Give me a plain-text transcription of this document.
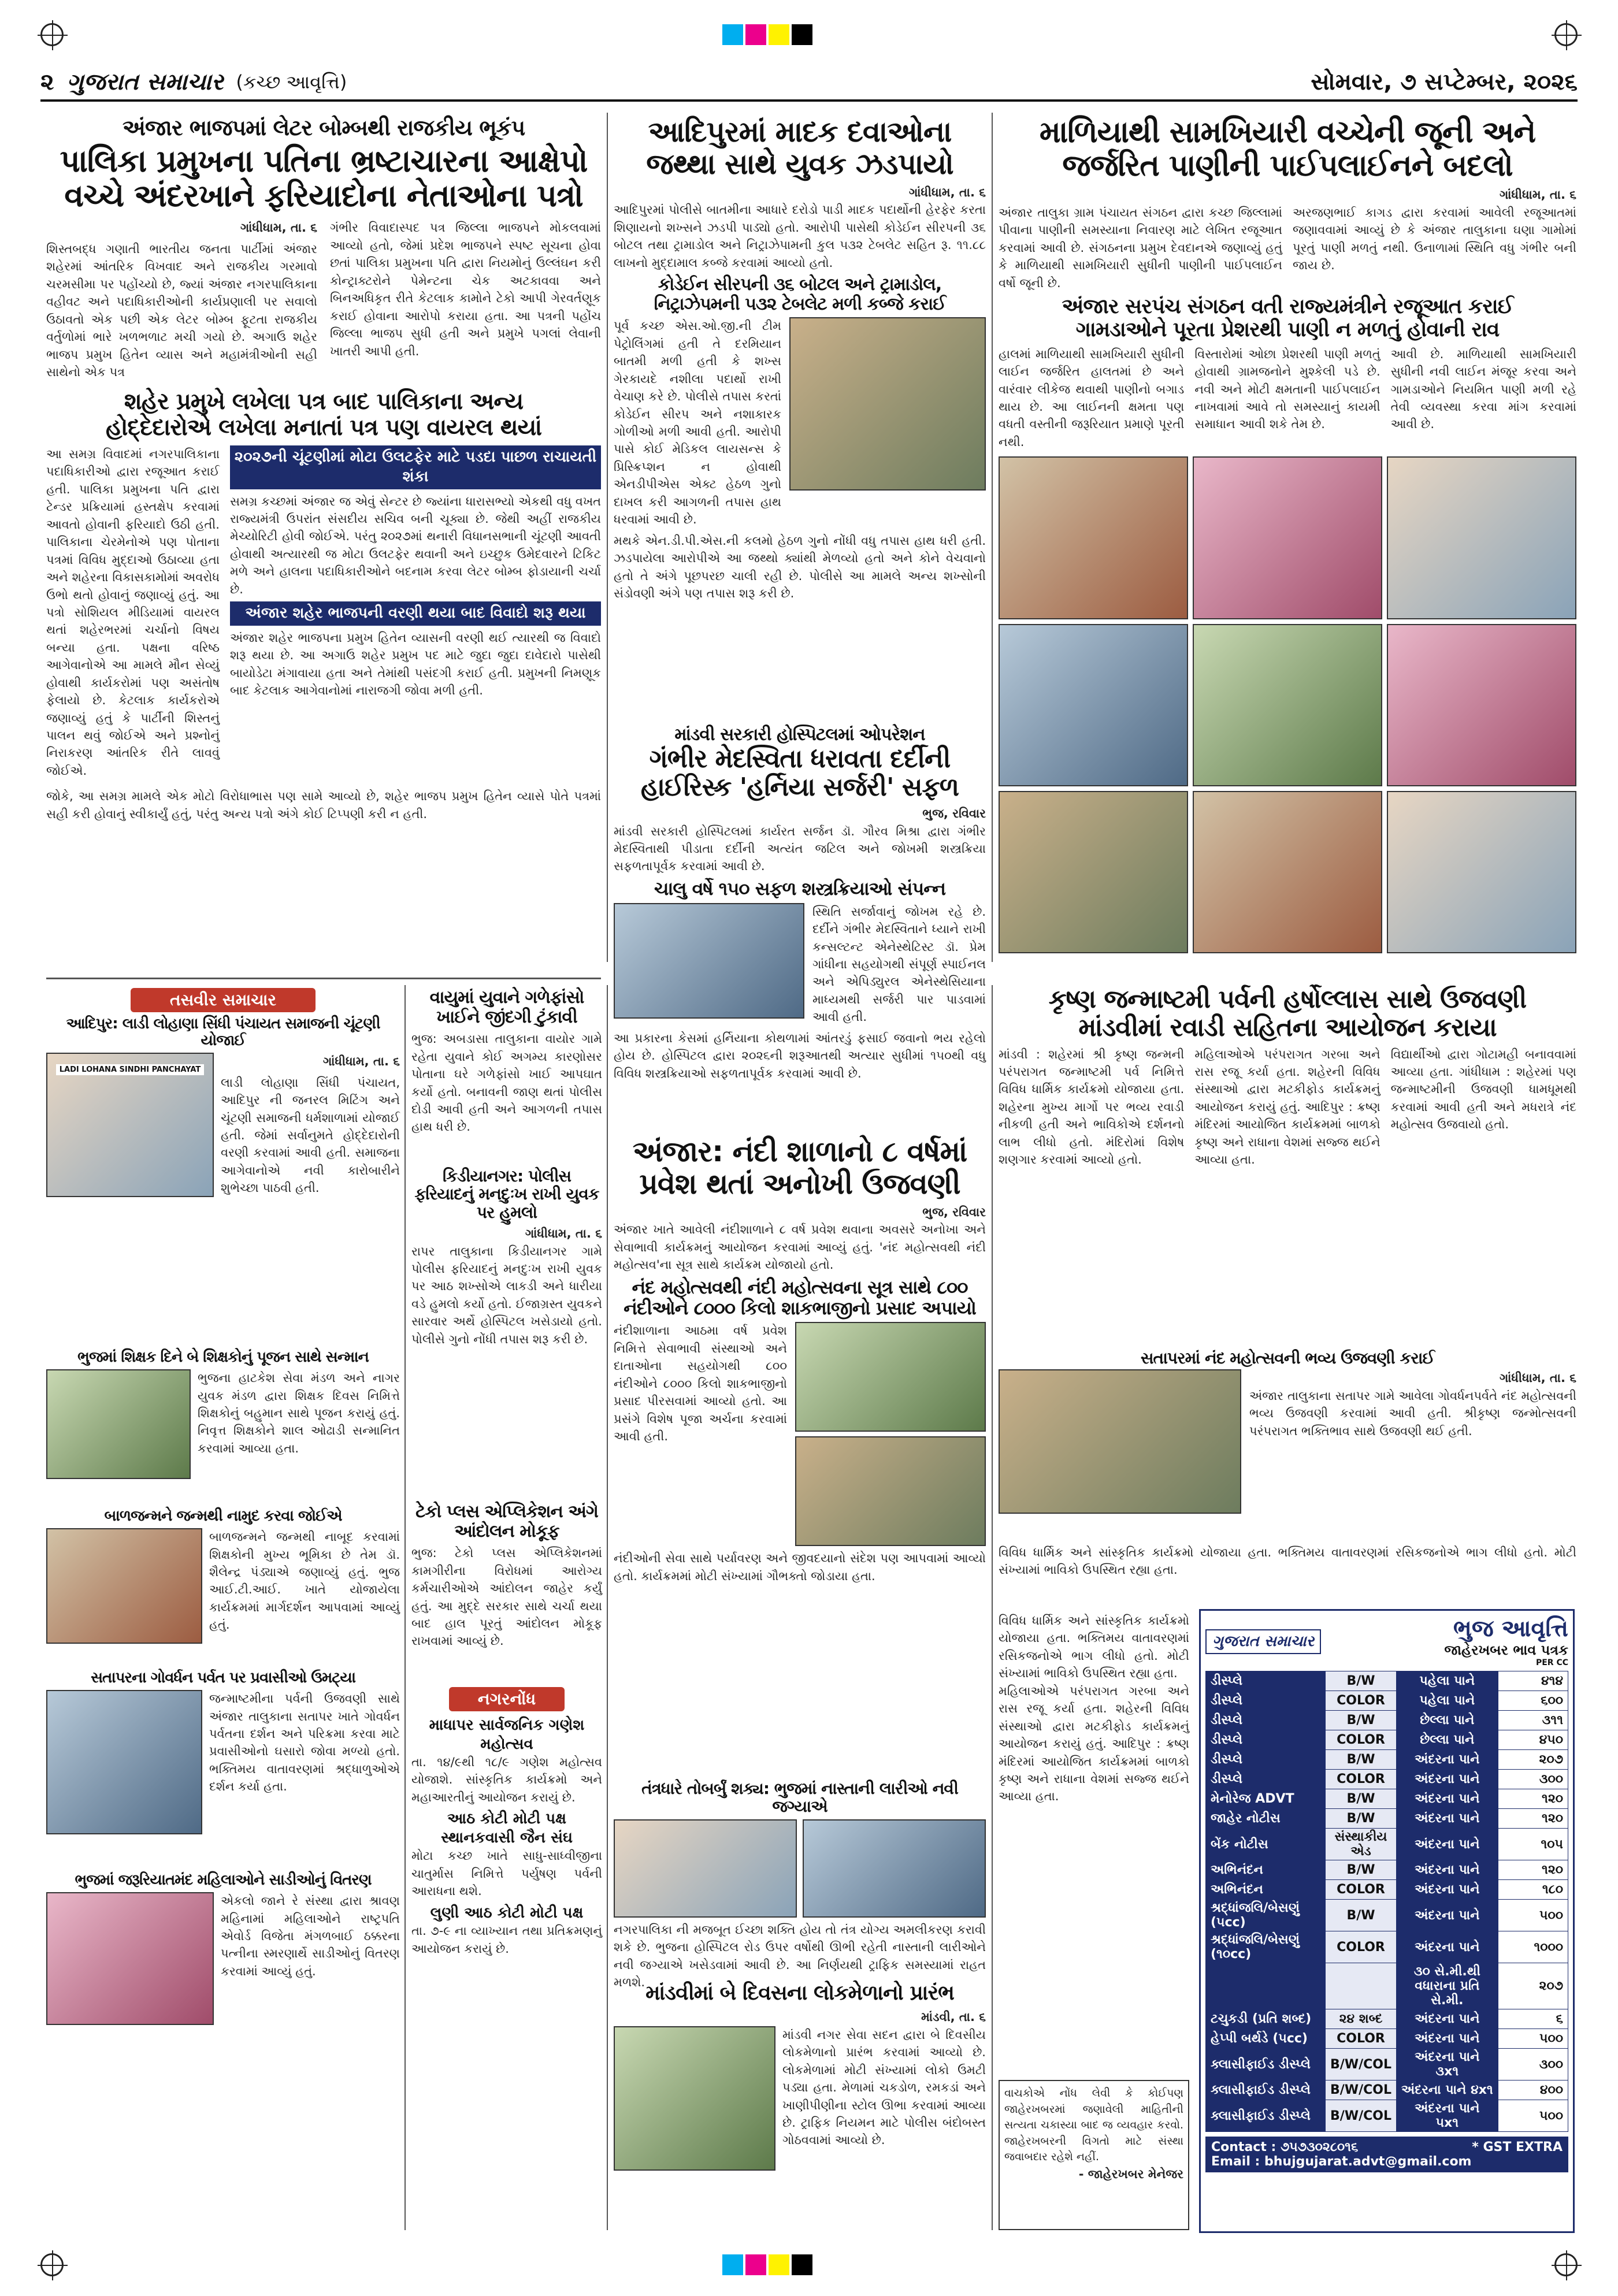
૨ ગુજરાત સમાચાર (કચ્છ આવૃત્તિ)	સોમવાર, ૭ સપ્ટેમ્બર, ૨૦૨૬
અંજાર ભાજપમાં લેટર બોમ્બથી રાજકીય ભૂકંપ
પાલિકા પ્રમુખના પતિના ભ્રષ્ટાચારના આક્ષેપો
વચ્ચે અંદરખાને ફરિયાદોના નેતાઓના પત્રો

ગાંધીધામ, તા. ૬

શિસ્તબદ્ધ ગણાતી ભારતીય જનતા પાર્ટીમાં અંજાર શહેરમાં આંતરિક વિખવાદ અને રાજકીય ગરમાવો ચરમસીમા પર પહોંચ્યો છે, જ્યાં અંજાર નગરપાલિકાના વહીવટ અને પદાધિકારીઓની કાર્યપ્રણાલી પર સવાલો ઉઠાવતો એક પછી એક લેટર બોમ્બ ફૂટતા રાજકીય વર્તુળોમાં ભારે ખળભળાટ મચી ગયો છે. અગાઉ શહેર ભાજપ પ્રમુખ હિતેન વ્યાસ અને મહામંત્રીઓની સહી સાથેનો એક પત્ર

ગંભીર વિવાદાસ્પદ પત્ર જિલ્લા ભાજપને મોકલવામાં આવ્યો હતો, જેમાં પ્રદેશ ભાજપને સ્પષ્ટ સૂચના હોવા છતાં પાલિકા પ્રમુખના પતિ દ્વારા નિયમોનું ઉલ્લંઘન કરી કોન્ટ્રાક્ટરોને પેમેન્ટના ચેક અટકાવવા અને બિનઅધિકૃત રીતે કેટલાક કામોને ટેકો આપી ગેરવર્તણૂક કરાઈ હોવાના આરોપો કરાયા હતા. આ પત્રની પહોંચ જિલ્લા ભાજપ સુધી હતી અને પ્રમુખે પગલાં લેવાની ખાતરી આપી હતી.

શહેર પ્રમુખે લખેલા પત્ર બાદ પાલિકાના અન્ય
હોદ્દેદારોએ લખેલા મનાતાં પત્ર પણ વાયરલ થયાં

આ સમગ્ર વિવાદમાં નગરપાલિકાના પદાધિકારીઓ દ્વારા રજૂઆત કરાઈ હતી. પાલિકા પ્રમુખના પતિ દ્વારા ટેન્ડર પ્રક્રિયામાં હસ્તક્ષેપ કરવામાં આવતો હોવાની ફરિયાદો ઉઠી હતી. પાલિકાના ચેરમેનોએ પણ પોતાના પત્રમાં વિવિધ મુદ્દાઓ ઉઠાવ્યા હતા અને શહેરના વિકાસકામોમાં અવરોધ ઉભો થતો હોવાનું જણાવ્યું હતું. આ પત્રો સોશિયલ મીડિયામાં વાયરલ થતાં શહેરભરમાં ચર્ચાનો વિષય બન્યા હતા. પક્ષના વરિષ્ઠ આગેવાનોએ આ મામલે મૌન સેવ્યું હોવાથી કાર્યકરોમાં પણ અસંતોષ ફેલાયો છે. કેટલાક કાર્યકરોએ જણાવ્યું હતું કે પાર્ટીની શિસ્તનું પાલન થવું જોઈએ અને પ્રશ્નોનું નિરાકરણ આંતરિક રીતે લાવવું જોઈએ.

૨૦૨૭ની ચૂંટણીમાં મોટા ઉલટફેર માટે પડદા પાછળ રાચાયતી શંકા
સમગ્ર કચ્છમાં અંજાર જ એવું સેન્ટર છે જ્યાંના ધારાસભ્યો એકથી વધુ વખત રાજ્યમંત્રી ઉપરાંત સંસદીય સચિવ બની ચૂક્યા છે. જેથી અહીં રાજકીય મેચ્યોરિટી હોવી જોઈએ. પરંતુ ૨૦૨૭માં થનારી વિધાનસભાની ચૂંટણી આવતી હોવાથી અત્યારથી જ મોટા ઉલટફેર થવાની અને ઇચ્છુક ઉમેદવારને ટિકિટ મળે અને હાલના પદાધિકારીઓને બદનામ કરવા લેટર બોમ્બ ફોડાયાની ચર્ચા છે.
અંજાર શહેર ભાજપની વરણી થયા બાદ વિવાદો શરૂ થયા
અંજાર શહેર ભાજપના પ્રમુખ હિતેન વ્યાસની વરણી થઈ ત્યારથી જ વિવાદો શરૂ થયા છે. આ અગાઉ શહેર પ્રમુખ પદ માટે જુદા જુદા દાવેદારો પાસેથી બાયોડેટા મંગાવાયા હતા અને તેમાંથી પસંદગી કરાઈ હતી. પ્રમુખની નિમણૂક બાદ કેટલાક આગેવાનોમાં નારાજગી જોવા મળી હતી.

જોકે, આ સમગ્ર મામલે એક મોટો વિરોધાભાસ પણ સામે આવ્યો છે, શહેર ભાજપ પ્રમુખ હિતેન વ્યાસે પોતે પત્રમાં સહી કરી હોવાનું સ્વીકાર્યું હતું, પરંતુ અન્ય પત્રો અંગે કોઈ ટિપ્પણી કરી ન હતી.

આદિપુરમાં માદક દવાઓના
જથ્થા સાથે યુવક ઝડપાયો

ગાંધીધામ, તા. ૬

આદિપુરમાં પોલીસે બાતમીના આધારે દરોડો પાડી માદક પદાર્થોની હેરફેર કરતા શિણાયનો શખ્સને ઝડપી પાડ્યો હતો. આરોપી પાસેથી કોડેઈન સીરપની ૩૬ બોટલ તથા ટ્રામાડોલ અને નિટ્રાઝેપામની કુલ ૫૩૨ ટેબલેટ સહિત રૂ. ૧૧.૮૮ લાખનો મુદ્દામાલ કબ્જે કરવામાં આવ્યો હતો.

કોડેઈન સીરપની ૩૬ બોટલ અને ટ્રામાડોલ, નિટ્રાઝેપમની ૫૩૨ ટેબલેટ મળી કબ્જે કરાઈ

પૂર્વ કચ્છ એસ.ઓ.જી.ની ટીમ પેટ્રોલિંગમાં હતી તે દરમિયાન બાતમી મળી હતી કે શખ્સ ગેરકાયદે નશીલા પદાર્થો રાખી વેચાણ કરે છે. પોલીસે તપાસ કરતાં કોડેઈન સીરપ અને નશાકારક ગોળીઓ મળી આવી હતી. આરોપી પાસે કોઈ મેડિકલ લાયસન્સ કે પ્રિસ્ક્રિપ્શન ન હોવાથી એનડીપીએસ એક્ટ હેઠળ ગુનો દાખલ કરી આગળની તપાસ હાથ ધરવામાં આવી છે.

મથકે એન.ડી.પી.એસ.ની કલમો હેઠળ ગુનો નોંધી વધુ તપાસ હાથ ધરી હતી. ઝડપાયેલા આરોપીએ આ જથ્થો ક્યાંથી મેળવ્યો હતો અને કોને વેચવાનો હતો તે અંગે પૂછપરછ ચાલી રહી છે. પોલીસે આ મામલે અન્ય શખ્સોની સંડોવણી અંગે પણ તપાસ શરૂ કરી છે.

માળિયાથી સામખિયારી વચ્ચેની જૂની અને
જર્જરિત પાણીની પાઈપલાઈનને બદલો

ગાંધીધામ, તા. ૬

અંજાર તાલુકા ગ્રામ પંચાયત સંગઠન દ્વારા કચ્છ જિલ્લામાં પીવાના પાણીની સમસ્યાના નિવારણ માટે લેખિત રજૂઆત કરવામાં આવી છે. સંગઠનના પ્રમુખ દેવદાનએ જણાવ્યું હતું કે માળિયાથી સામખિયારી સુધીની પાણીની પાઈપલાઈન વર્ષો જૂની છે.

અરજણભાઈ કાગડ દ્વારા કરવામાં આવેલી રજૂઆતમાં જણાવવામાં આવ્યું છે કે અંજાર તાલુકાના ઘણા ગામોમાં પૂરતું પાણી મળતું નથી. ઉનાળામાં સ્થિતિ વધુ ગંભીર બની જાય છે.

અંજાર સરપંચ સંગઠન વતી રાજ્યમંત્રીને રજૂઆત કરાઈ
ગામડાઓને પૂરતા પ્રેશરથી પાણી ન મળતું હોવાની રાવ

હાલમાં માળિયાથી સામખિયારી સુધીની લાઈન જર્જરિત હાલતમાં છે અને વારંવાર લીકેજ થવાથી પાણીનો બગાડ થાય છે. આ લાઈનની ક્ષમતા પણ વધતી વસ્તીની જરૂરિયાત પ્રમાણે પૂરતી નથી.

વિસ્તારોમાં ઓછા પ્રેશરથી પાણી મળતું હોવાથી ગ્રામજનોને મુશ્કેલી પડે છે. નવી અને મોટી ક્ષમતાની પાઈપલાઈન નાખવામાં આવે તો સમસ્યાનું કાયમી સમાધાન આવી શકે તેમ છે.

આવી છે. માળિયાથી સામખિયારી સુધીની નવી લાઈન મંજૂર કરવા અને ગામડાઓને નિયમિત પાણી મળી રહે તેવી વ્યવસ્થા કરવા માંગ કરવામાં આવી છે.

માંડવી સરકારી હોસ્પિટલમાં ઓપરેશન
ગંભીર મેદસ્વિતા ધરાવતા દર્દીની
હાઈરિસ્ક 'હર્નિયા સર્જરી' સફળ

ભુજ, રવિવાર

માંડવી સરકારી હોસ્પિટલમાં કાર્યરત સર્જન ડૉ. ગૌરવ મિશ્રા દ્વારા ગંભીર મેદસ્વિતાથી પીડાતા દર્દીની અત્યંત જટિલ અને જોખમી શસ્ત્રક્રિયા સફળતાપૂર્વક કરવામાં આવી છે.

ચાલુ વર્ષે ૧૫૦ સફળ શસ્ત્રક્રિયાઓ સંપન્ન

સ્થિતિ સર્જાવાનું જોખમ રહે છે. દર્દીને ગંભીર મેદસ્વિતાને ધ્યાને રાખી કન્સલ્ટન્ટ એનેસ્થેટિસ્ટ ડૉ. પ્રેમ ગાંધીના સહયોગથી સંપૂર્ણ સ્પાઈનલ અને એપિડ્યુરલ એનેસ્થેસિયાના માધ્યમથી સર્જરી પાર પાડવામાં આવી હતી.

આ પ્રકારના કેસમાં હર્નિયાના કોથળામાં આંતરડું ફસાઈ જવાનો ભય રહેલો હોય છે. હોસ્પિટલ દ્વારા ૨૦૨૬ની શરૂઆતથી અત્યાર સુધીમાં ૧૫૦થી વધુ વિવિધ શસ્ત્રક્રિયાઓ સફળતાપૂર્વક કરવામાં આવી છે.

તસવીર સમાચાર
આદિપુર: લાડી લોહાણા સિંધી પંચાયત સમાજની ચૂંટણી યોજાઈ
LADI LOHANA SINDHI PANCHAYAT

ગાંધીધામ, તા. ૬

લાડી લોહાણા સિંધી પંચાયત, આદિપુર ની જનરલ મિટિંગ અને ચૂંટણી સમાજની ધર્મશાળામાં યોજાઈ હતી. જેમાં સર્વાનુમતે હોદ્દેદારોની વરણી કરવામાં આવી હતી. સમાજના આગેવાનોએ નવી કારોબારીને શુભેચ્છા પાઠવી હતી.

ભુજમાં શિક્ષક દિને બે શિક્ષકોનું પૂજન સાથે સન્માન

ભુજના હાટકેશ સેવા મંડળ અને નાગર યુવક મંડળ દ્વારા શિક્ષક દિવસ નિમિત્તે શિક્ષકોનું બહુમાન સાથે પૂજન કરાયું હતું. નિવૃત્ત શિક્ષકોને શાલ ઓઢાડી સન્માનિત કરવામાં આવ્યા હતા.

બાળજન્મને જન્મથી નામુદ કરવા જોઈએ

બાળજન્મને જન્મથી નાબૂદ કરવામાં શિક્ષકોની મુખ્ય ભૂમિકા છે તેમ ડૉ. શૈલેન્દ્ર પંડ્યાએ જણાવ્યું હતું. ભુજ આઈ.ટી.આઈ. ખાતે યોજાયેલા કાર્યક્રમમાં માર્ગદર્શન આપવામાં આવ્યું હતું.

સતાપરના ગોવર્ધન પર્વત પર પ્રવાસીઓ ઉમટ્યા

જન્માષ્ટમીના પર્વની ઉજવણી સાથે અંજાર તાલુકાના સતાપર ખાતે ગોવર્ધન પર્વતના દર્શન અને પરિક્રમા કરવા માટે પ્રવાસીઓનો ઘસારો જોવા મળ્યો હતો. ભક્તિમય વાતાવરણમાં શ્રદ્ધાળુઓએ દર્શન કર્યા હતા.

ભુજમાં જરૂરિયાતમંદ મહિલાઓને સાડીઓનું વિતરણ

એકલો જાને રે સંસ્થા દ્વારા શ્રાવણ મહિનામાં મહિલાઓને રાષ્ટ્રપતિ એવોર્ડ વિજેતા મંગળબાઈ ઠક્કરના પત્નીના સ્મરણાર્થે સાડીઓનું વિતરણ કરવામાં આવ્યું હતું.

વાયુમાં યુવાને ગળેફાંસો ખાઈને જીંદગી ટુંકાવી

ભુજ: અબડાસા તાલુકાના વાયોર ગામે રહેતા યુવાને કોઈ અગમ્ય કારણોસર પોતાના ઘરે ગળેફાંસો ખાઈ આપઘાત કર્યો હતો. બનાવની જાણ થતાં પોલીસ દોડી આવી હતી અને આગળની તપાસ હાથ ધરી છે.

કિડીયાનગર: પોલીસ ફરિયાદનું મનદુઃખ રાખી યુવક પર હુમલો

ગાંધીધામ, તા. ૬

રાપર તાલુકાના કિડીયાનગર ગામે પોલીસ ફરિયાદનું મનદુઃખ રાખી યુવક પર આઠ શખ્સોએ લાકડી અને ધારીયા વડે હુમલો કર્યો હતો. ઈજાગ્રસ્ત યુવકને સારવાર અર્થે હોસ્પિટલ ખસેડાયો હતો. પોલીસે ગુનો નોંધી તપાસ શરૂ કરી છે.

ટેકો પ્લસ એપ્લિકેશન અંગે આંદોલન મોકૂફ

ભુજ: ટેકો પ્લસ એપ્લિકેશનમાં કામગીરીના વિરોધમાં આરોગ્ય કર્મચારીઓએ આંદોલન જાહેર કર્યું હતું. આ મુદ્દે સરકાર સાથે ચર્ચા થયા બાદ હાલ પૂરતું આંદોલન મોકૂફ રાખવામાં આવ્યું છે.

નગરનોંધ
માધાપર સાર્વજનિક ગણેશ મહોત્સવ

તા. ૧૪/૯થી ૧૮/૯ ગણેશ મહોત્સવ યોજાશે. સાંસ્કૃતિક કાર્યક્રમો અને મહાઆરતીનું આયોજન કરાયું છે.

આઠ કોટી મોટી પક્ષ સ્થાનકવાસી જૈન સંઘ

મોટા કચ્છ ખાતે સાધુ-સાધ્વીજીના ચાતુર્માસ નિમિત્તે પર્યુષણ પર્વની આરાધના થશે.

લુણી આઠ કોટી મોટી પક્ષ

તા. ૭-૯ ના વ્યાખ્યાન તથા પ્રતિક્રમણનું આયોજન કરાયું છે.

અંજાર: નંદી શાળાનો ૮ વર્ષમાં
પ્રવેશ થતાં અનોખી ઉજવણી

ભુજ, રવિવાર

અંજાર ખાતે આવેલી નંદીશાળાને ૮ વર્ષ પ્રવેશ થવાના અવસરે અનોખા અને સેવાભાવી કાર્યક્રમનું આયોજન કરવામાં આવ્યું હતું. 'નંદ મહોત્સવથી નંદી મહોત્સવ'ના સૂત્ર સાથે કાર્યક્રમ યોજાયો હતો.

નંદ મહોત્સવથી નંદી મહોત્સવના સૂત્ર સાથે ૮૦૦ નંદીઓને ૮૦૦૦ કિલો શાકભાજીનો પ્રસાદ અપાયો

નંદીશાળાના આઠમા વર્ષ પ્રવેશ નિમિત્તે સેવાભાવી સંસ્થાઓ અને દાતાઓના સહયોગથી ૮૦૦ નંદીઓને ૮૦૦૦ કિલો શાકભાજીનો પ્રસાદ પીરસવામાં આવ્યો હતો. આ પ્રસંગે વિશેષ પૂજા અર્ચના કરવામાં આવી હતી.

નંદીઓની સેવા સાથે પર્યાવરણ અને જીવદયાનો સંદેશ પણ આપવામાં આવ્યો હતો. કાર્યક્રમમાં મોટી સંખ્યામાં ગૌભક્તો જોડાયા હતા.

તંત્રધારે તોબર્બું શક્ય: ભુજમાં નાસ્તાની લારીઓ નવી જગ્યાએ

નગરપાલિકા ની મજબૂત ઈચ્છા શક્તિ હોય તો તંત્ર યોગ્ય અમલીકરણ કરાવી શકે છે. ભુજના હોસ્પિટલ રોડ ઉપર વર્ષોથી ઊભી રહેતી નાસ્તાની લારીઓને નવી જગ્યાએ ખસેડવામાં આવી છે. આ નિર્ણયથી ટ્રાફિક સમસ્યામાં રાહત મળશે. માંડવીમાં બે દિવસના લોકમેળાનો પ્રારંભ

માંડવી, તા. ૬

માંડવી નગર સેવા સદન દ્વારા બે દિવસીય લોકમેળાનો પ્રારંભ કરવામાં આવ્યો છે. લોકમેળામાં મોટી સંખ્યામાં લોકો ઉમટી પડ્યા હતા. મેળામાં ચકડોળ, રમકડાં અને ખાણીપીણીના સ્ટોલ ઊભા કરવામાં આવ્યા છે. ટ્રાફિક નિયમન માટે પોલીસ બંદોબસ્ત ગોઠવવામાં આવ્યો છે.

કૃષ્ણ જન્માષ્ટમી પર્વની હર્ષોલ્લાસ સાથે ઉજવણી
માંડવીમાં રવાડી સહિતના આયોજન કરાયા

માંડવી : શહેરમાં શ્રી કૃષ્ણ જન્મની પરંપરાગત જન્માષ્ટમી પર્વ નિમિત્તે વિવિધ ધાર્મિક કાર્યક્રમો યોજાયા હતા. શહેરના મુખ્ય માર્ગો પર ભવ્ય રવાડી નીકળી હતી અને ભાવિકોએ દર્શનનો લાભ લીધો હતો. મંદિરોમાં વિશેષ શણગાર કરવામાં આવ્યો હતો.

મહિલાઓએ પરંપરાગત ગરબા અને રાસ રજૂ કર્યા હતા. શહેરની વિવિધ સંસ્થાઓ દ્વારા મટકીફોડ કાર્યક્રમનું આયોજન કરાયું હતું. આદિપુર : ક્રષ્ણ મંદિરમાં આયોજિત કાર્યક્રમમાં બાળકો કૃષ્ણ અને રાધાના વેશમાં સજ્જ થઈને આવ્યા હતા.

વિદ્યાર્થીઓ દ્વારા ગોટામહી બનાવવામાં આવ્યા હતા. ગાંધીધામ : શહેરમાં પણ જન્માષ્ટમીની ઉજવણી ધામધૂમથી કરવામાં આવી હતી અને મધરાત્રે નંદ મહોત્સવ ઉજવાયો હતો.

સતાપરમાં નંદ મહોત્સવની ભવ્ય ઉજવણી કરાઈ

ગાંધીધામ, તા. ૬

અંજાર તાલુકાના સતાપર ગામે આવેલા ગોવર્ધનપર્વતે નંદ મહોત્સવની ભવ્ય ઉજવણી કરવામાં આવી હતી. શ્રીકૃષ્ણ જન્મોત્સવની પરંપરાગત ભક્તિભાવ સાથે ઉજવણી થઈ હતી.

વિવિધ ધાર્મિક અને સાંસ્કૃતિક કાર્યક્રમો યોજાયા હતા. ભક્તિમય વાતાવરણમાં રસિકજનોએ ભાગ લીધો હતો. મોટી સંખ્યામાં ભાવિકો ઉપસ્થિત રહ્યા હતા.

ગુજરાત સમાચાર	ભુજ આવૃત્તિ
જાહેરખબર ભાવ પત્રક
PER CC
ડીસ્પ્લે	B/W	પહેલા પાને	૪૧૪
ડીસ્પ્લે	COLOR	પહેલા પાને	૬૦૦
ડીસ્પ્લે	B/W	છેલ્લા પાને	૩૧૧
ડીસ્પ્લે	COLOR	છેલ્લા પાને	૪૫૦
ડીસ્પ્લે	B/W	અંદરના પાને	૨૦૭
ડીસ્પ્લે	COLOR	અંદરના પાને	૩૦૦
મેનોરેજ ADVT	B/W	અંદરના પાને	૧૨૦
જાહેર નોટીસ	B/W	અંદરના પાને	૧૨૦
બેંક નોટીસ	સંસ્થાકીય એડ	અંદરના પાને	૧૦૫
અભિનંદન	B/W	અંદરના પાને	૧૨૦
અભિનંદન	COLOR	અંદરના પાને	૧૮૦
શ્રદ્ધાંજલિ/બેસણું (૫cc)	B/W	અંદરના પાને	૫૦૦
શ્રદ્ધાંજલિ/બેસણું (૧૦cc)	COLOR	અંદરના પાને	૧૦૦૦
		૩૦ સે.મી.થી વધારાના પ્રતિ સે.મી.	૨૦૭
ટચુકડી (પ્રતિ શબ્દ)	૨૪ શબ્દ	અંદરના પાને	૬
હેપ્પી બર્થડે (૫cc)	COLOR	અંદરના પાને	૫૦૦
ક્લાસીફાઈડ ડીસ્પ્લે	B/W/COL	અંદરના પાને ૩x૧	૩૦૦
ક્લાસીફાઈડ ડીસ્પ્લે	B/W/COL	અંદરના પાને ૪x૧	૪૦૦
ક્લાસીફાઈડ ડીસ્પ્લે	B/W/COL	અંદરના પાને ૫x૧	૫૦૦
Contact : ૭૫૭૩૦૨૮૦૧૬	* GST EXTRA
Email : bhujgujarat.advt@gmail.com

વાચકોએ નોંધ લેવી કે કોઈપણ જાહેરખબરમાં જણાવેલી માહિતીની સત્યતા ચકાસ્યા બાદ જ વ્યવહાર કરવો. જાહેરખબરની વિગતો માટે સંસ્થા જવાબદાર રહેશે નહીં.

- જાહેરખબર મેનેજર

વિવિધ ધાર્મિક અને સાંસ્કૃતિક કાર્યક્રમો યોજાયા હતા. ભક્તિમય વાતાવરણમાં રસિકજનોએ ભાગ લીધો હતો. મોટી સંખ્યામાં ભાવિકો ઉપસ્થિત રહ્યા હતા.

મહિલાઓએ પરંપરાગત ગરબા અને રાસ રજૂ કર્યા હતા. શહેરની વિવિધ સંસ્થાઓ દ્વારા મટકીફોડ કાર્યક્રમનું આયોજન કરાયું હતું. આદિપુર : ક્રષ્ણ મંદિરમાં આયોજિત કાર્યક્રમમાં બાળકો કૃષ્ણ અને રાધાના વેશમાં સજ્જ થઈને આવ્યા હતા.
